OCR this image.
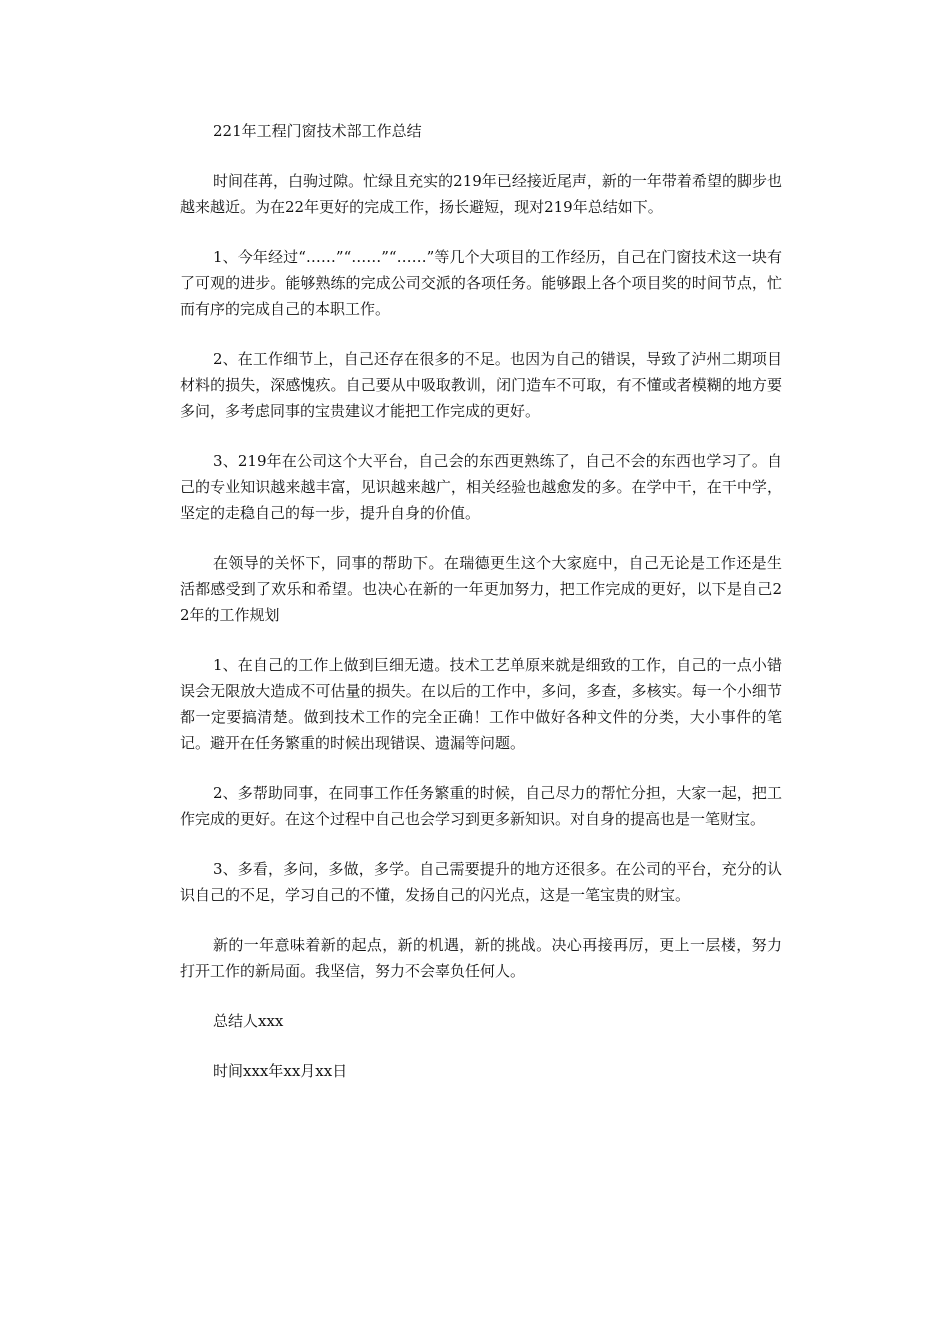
221年工程门窗技术部工作总结

时间荏苒，白驹过隙。忙绿且充实的219年已经接近尾声，新的一年带着希望的脚步也越来越近。为在22年更好的完成工作，扬长避短，现对219年总结如下。

1、今年经过“……”“……”“……”等几个大项目的工作经历，自己在门窗技术这一块有了可观的进步。能够熟练的完成公司交派的各项任务。能够跟上各个项目奖的时间节点，忙而有序的完成自己的本职工作。

2、在工作细节上，自己还存在很多的不足。也因为自己的错误，导致了泸州二期项目材料的损失，深感愧疚。自己要从中吸取教训，闭门造车不可取，有不懂或者模糊的地方要多问，多考虑同事的宝贵建议才能把工作完成的更好。

3、219年在公司这个大平台，自己会的东西更熟练了，自己不会的东西也学习了。自己的专业知识越来越丰富，见识越来越广，相关经验也越愈发的多。在学中干，在干中学，坚定的走稳自己的每一步，提升自身的价值。

在领导的关怀下，同事的帮助下。在瑞德更生这个大家庭中，自己无论是工作还是生活都感受到了欢乐和希望。也决心在新的一年更加努力，把工作完成的更好，以下是自己22年的工作规划

1、在自己的工作上做到巨细无遗。技术工艺单原来就是细致的工作，自己的一点小错误会无限放大造成不可估量的损失。在以后的工作中，多问，多查，多核实。每一个小细节都一定要搞清楚。做到技术工作的完全正确！工作中做好各种文件的分类，大小事件的笔记。避开在任务繁重的时候出现错误、遗漏等问题。

2、多帮助同事，在同事工作任务繁重的时候，自己尽力的帮忙分担，大家一起，把工作完成的更好。在这个过程中自己也会学习到更多新知识。对自身的提高也是一笔财宝。

3、多看，多问，多做，多学。自己需要提升的地方还很多。在公司的平台，充分的认识自己的不足，学习自己的不懂，发扬自己的闪光点，这是一笔宝贵的财宝。

新的一年意味着新的起点，新的机遇，新的挑战。决心再接再厉，更上一层楼，努力打开工作的新局面。我坚信，努力不会辜负任何人。

总结人xxx
时间xxx年xx月xx日
